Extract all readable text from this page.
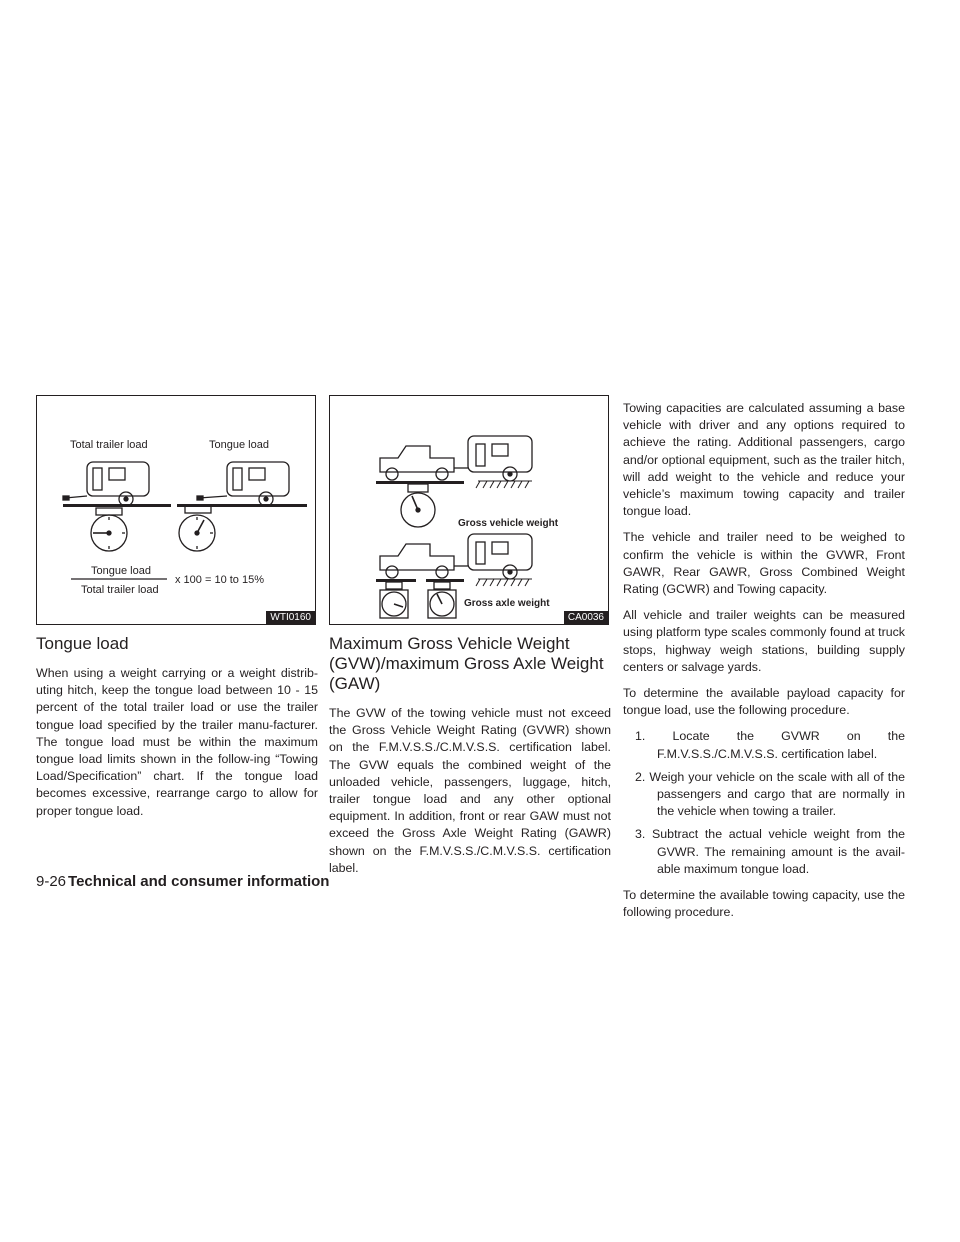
Total trailer load	Tongue load
Tongue load
Total trailer load
x 100 = 10 to 15%
WTI0160
Tongue load

When using a weight carrying or a weight distrib-uting hitch, keep the tongue load between 10 - 15 percent of the total trailer load or use the trailer tongue load specified by the trailer manu-facturer. The tongue load must be within the maximum tongue load limits shown in the follow-ing “Towing Load/Specification” chart. If the tongue load becomes excessive, rearrange cargo to allow for proper tongue load.

Gross vehicle weight
Gross axle weight
CA0036
Maximum Gross Vehicle Weight (GVW)/maximum Gross Axle Weight (GAW)

The GVW of the towing vehicle must not exceed the Gross Vehicle Weight Rating (GVWR) shown on the F.M.V.S.S./C.M.V.S.S. certification label. The GVW equals the combined weight of the unloaded vehicle, passengers, luggage, hitch, trailer tongue load and any other optional equipment. In addition, front or rear GAW must not exceed the Gross Axle Weight Rating (GAWR) shown on the F.M.V.S.S./C.M.V.S.S. certification label.

Towing capacities are calculated assuming a base vehicle with driver and any options required to achieve the rating. Additional passengers, cargo and/or optional equipment, such as the trailer hitch, will add weight to the vehicle and reduce your vehicle’s maximum towing capacity and trailer tongue load.

The vehicle and trailer need to be weighed to confirm the vehicle is within the GVWR, Front GAWR, Rear GAWR, Gross Combined Weight Rating (GCWR) and Towing capacity.

All vehicle and trailer weights can be measured using platform type scales commonly found at truck stops, highway weigh stations, building supply centers or salvage yards.

To determine the available payload capacity for tongue load, use the following procedure.

1. Locate the GVWR on the F.M.V.S.S./C.M.V.S.S. certification label.
2. Weigh your vehicle on the scale with all of the passengers and cargo that are normally in the vehicle when towing a trailer.
3. Subtract the actual vehicle weight from the GVWR. The remaining amount is the avail-able maximum tongue load.

To determine the available towing capacity, use the following procedure.

9-26 Technical and consumer information
